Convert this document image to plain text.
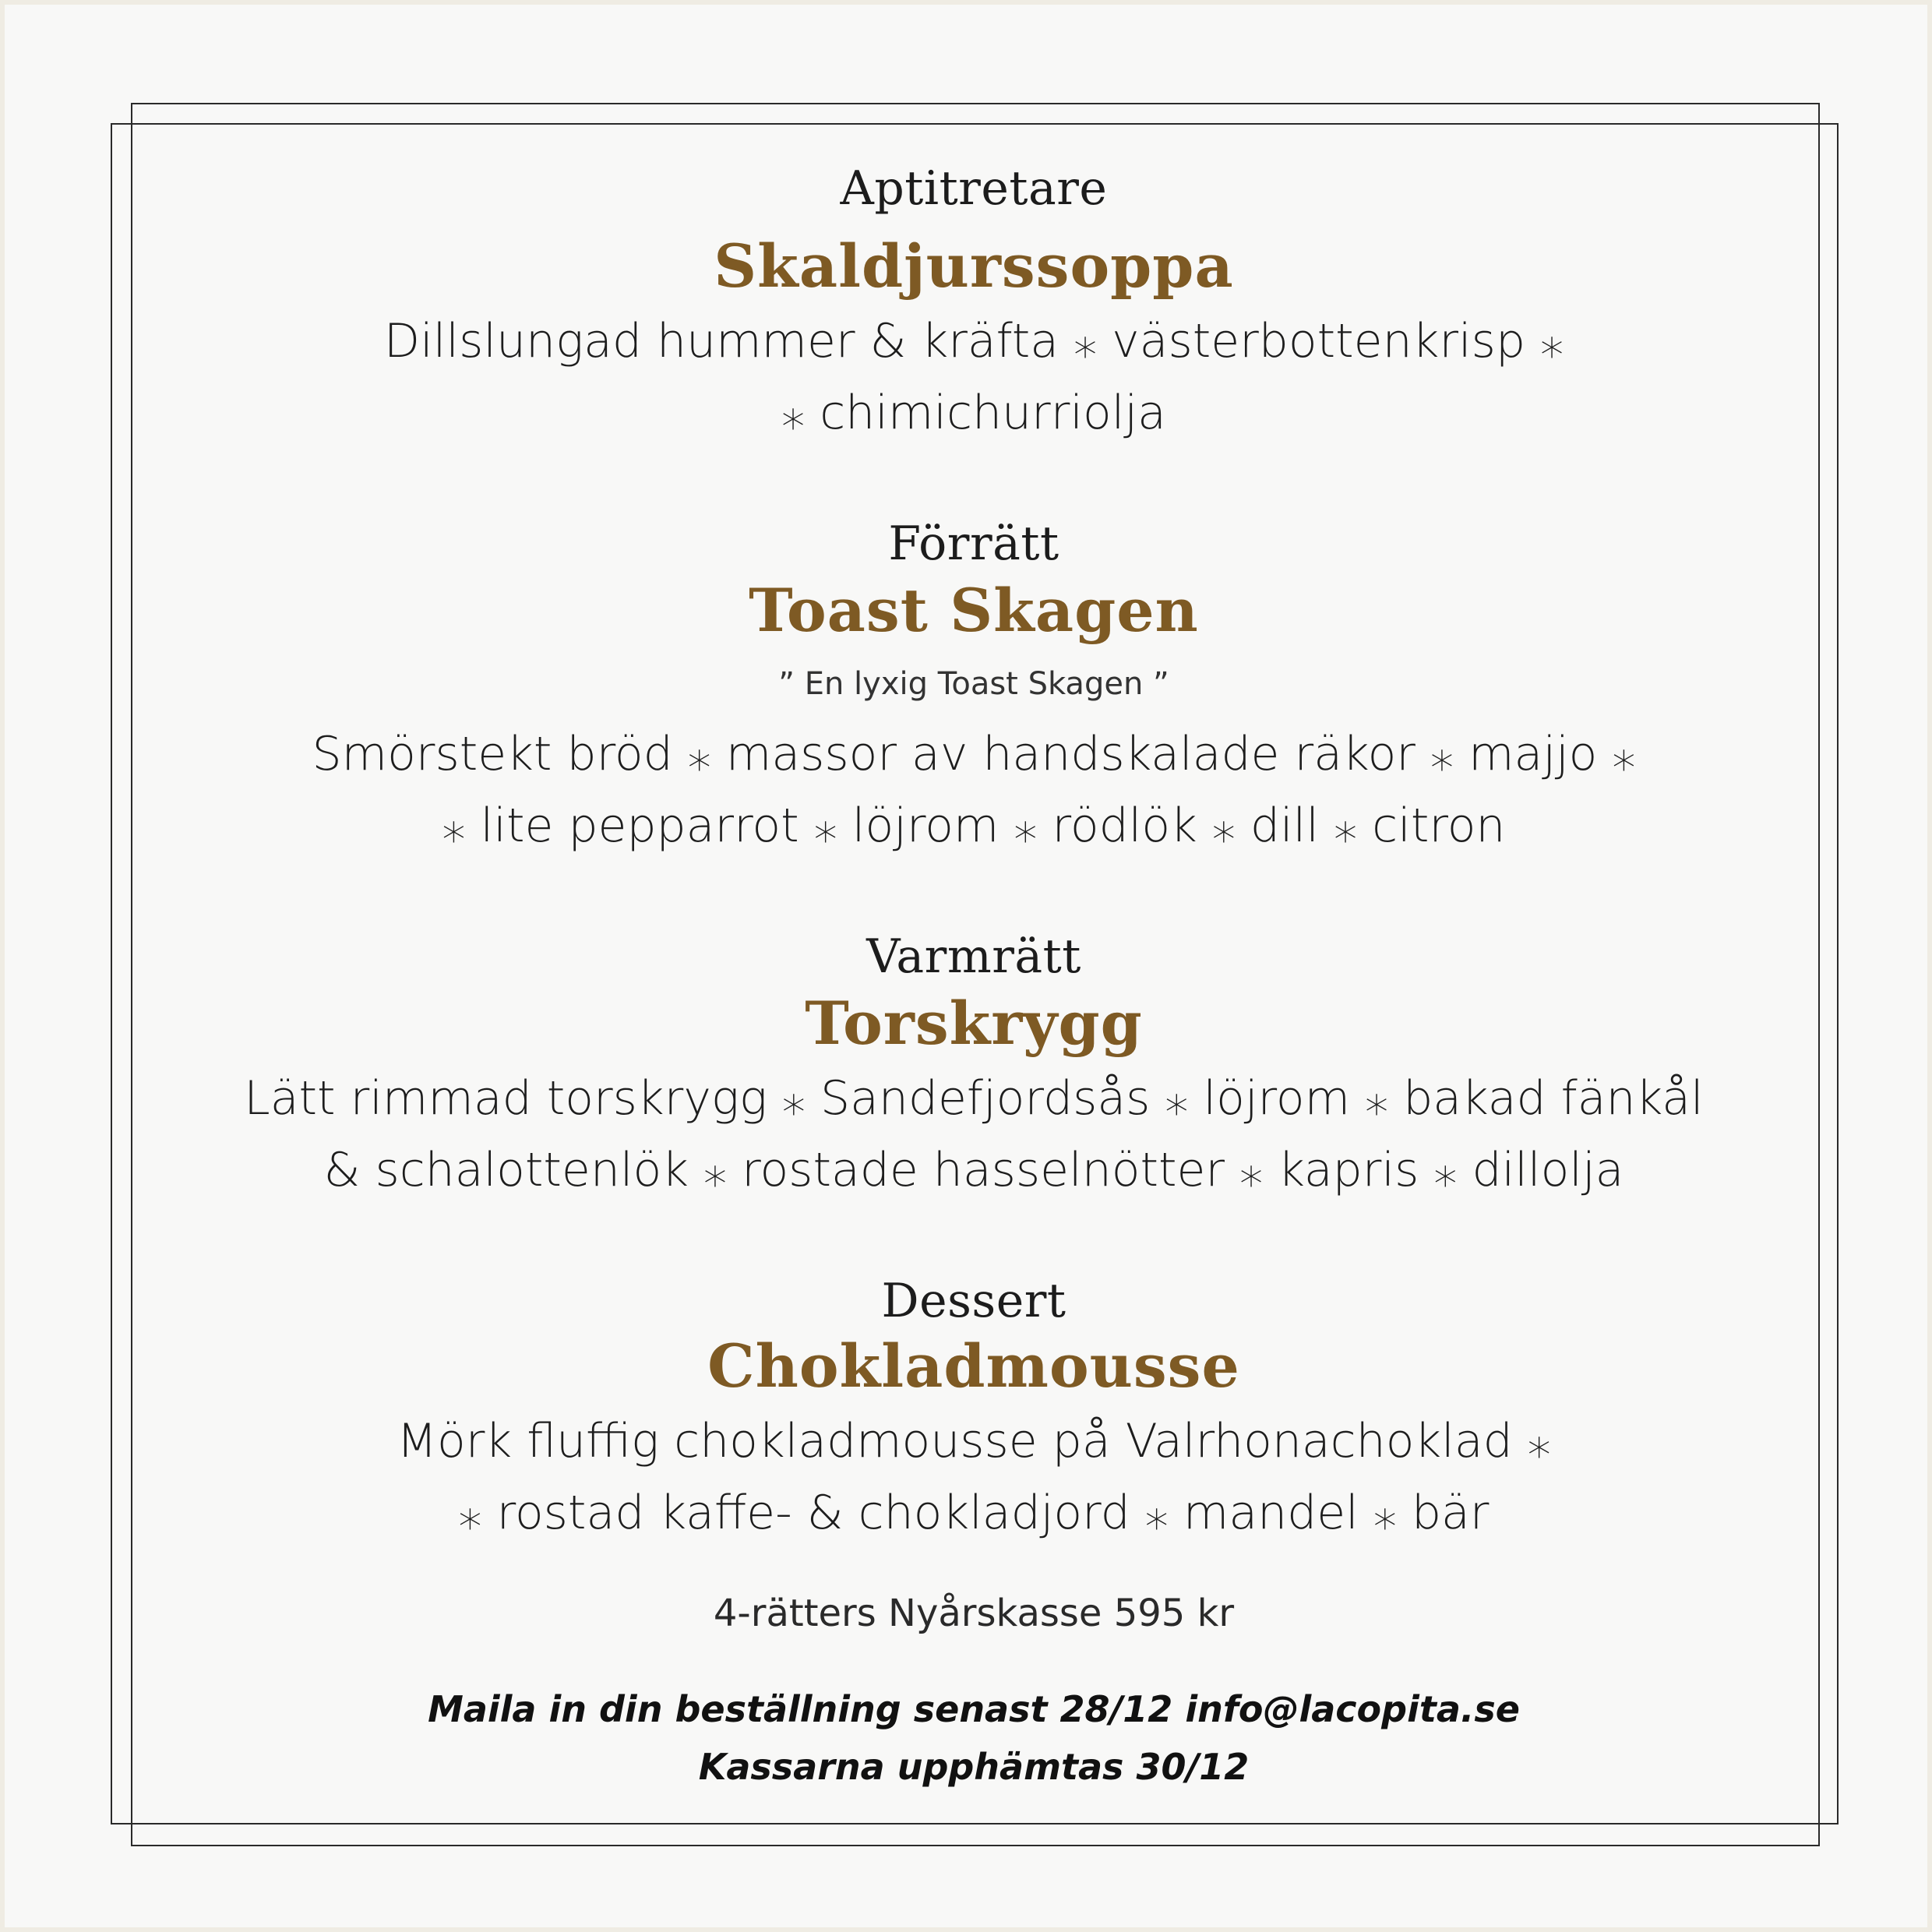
Aptitretare
Skaldjurssoppa
Dillslungad hummer & kräfta ⁎ västerbottenkrisp ⁎
⁎ chimichurriolja
Förrätt
Toast Skagen
” En lyxig Toast Skagen ”
Smörstekt bröd ⁎ massor av handskalade räkor ⁎ majjo ⁎
⁎ lite pepparrot ⁎ löjrom ⁎ rödlök ⁎ dill ⁎ citron
Varmrätt
Torskrygg
Lätt rimmad torskrygg ⁎ Sandefjordsås ⁎ löjrom ⁎ bakad fänkål
& schalottenlök ⁎ rostade hasselnötter ⁎ kapris ⁎ dillolja
Dessert
Chokladmousse
Mörk fluffig chokladmousse på Valrhonachoklad ⁎
⁎ rostad kaffe- & chokladjord ⁎ mandel ⁎ bär
4-rätters Nyårskasse 595 kr
Maila in din beställning senast 28/12 info@lacopita.se
Kassarna upphämtas 30/12
